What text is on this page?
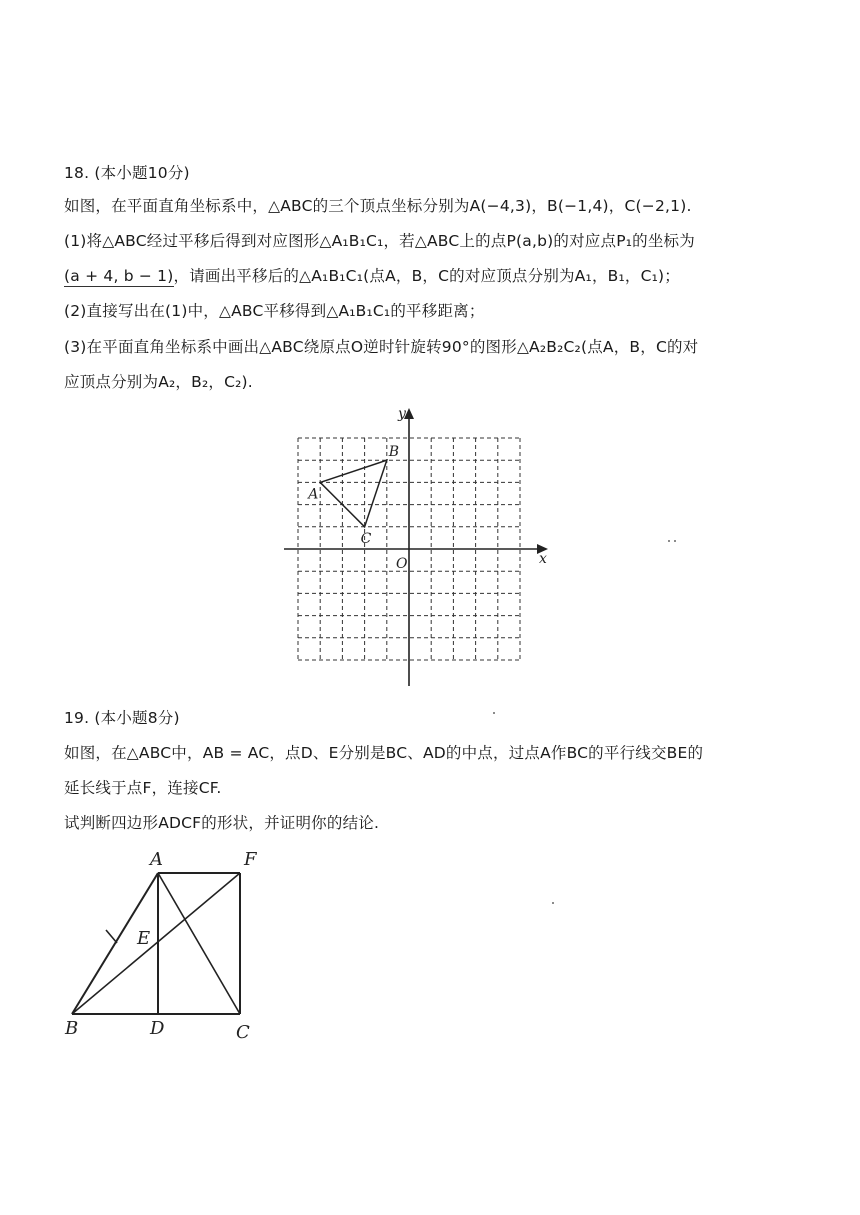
18. (本小题10分)
如图，在平面直角坐标系中，△ABC的三个顶点坐标分别为A(−4,3)，B(−1,4)，C(−2,1).
(1)将△ABC经过平移后得到对应图形△A₁B₁C₁，若△ABC上的点P(a,b)的对应点P₁的坐标为
(a + 4, b − 1)，请画出平移后的△A₁B₁C₁(点A，B，C的对应顶点分别为A₁，B₁，C₁)；
(2)直接写出在(1)中，△ABC平移得到△A₁B₁C₁的平移距离；
(3)在平面直角坐标系中画出△ABC绕原点O逆时针旋转90°的图形△A₂B₂C₂(点A，B，C的对
应顶点分别为A₂，B₂，C₂).
x
y
O
A
B
C
A	F
E
B	D	C
19. (本小题8分)
如图，在△ABC中，AB = AC，点D、E分别是BC、AD的中点，过点A作BC的平行线交BE的
延长线于点F，连接CF.
试判断四边形ADCF的形状，并证明你的结论.
